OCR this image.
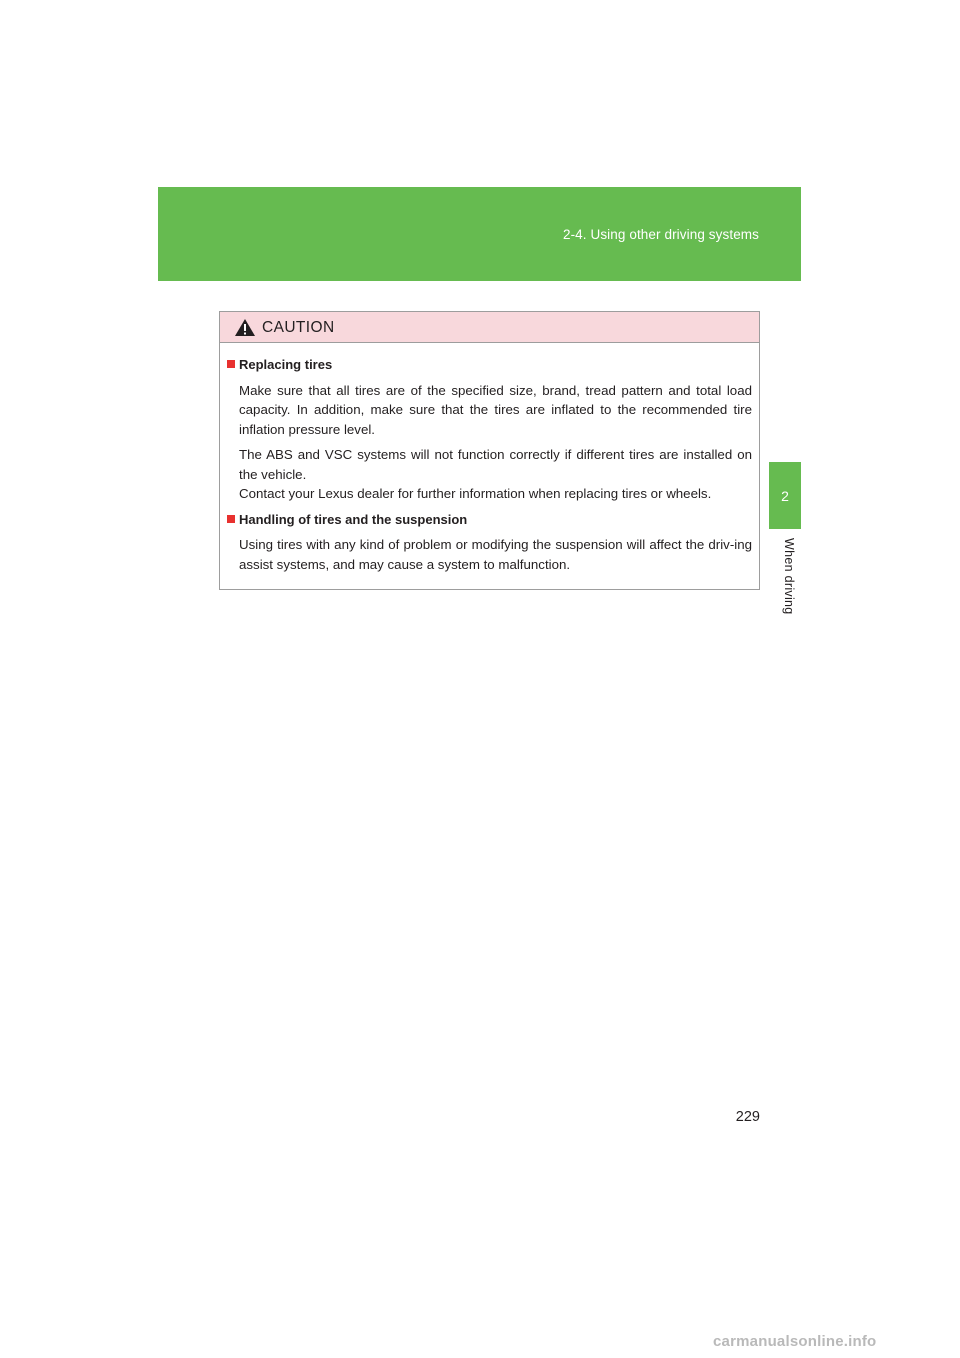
2-4. Using other driving systems
2
When driving
CAUTION
Replacing tires
Make sure that all tires are of the specified size, brand, tread pattern and total load capacity. In addition, make sure that the tires are inflated to the recommended tire inflation pressure level.
The ABS and VSC systems will not function correctly if different tires are installed on the vehicle.
Contact your Lexus dealer for further information when replacing tires or wheels.
Handling of tires and the suspension
Using tires with any kind of problem or modifying the suspension will affect the driv-ing assist systems, and may cause a system to malfunction.
229
carmanualsonline.info
